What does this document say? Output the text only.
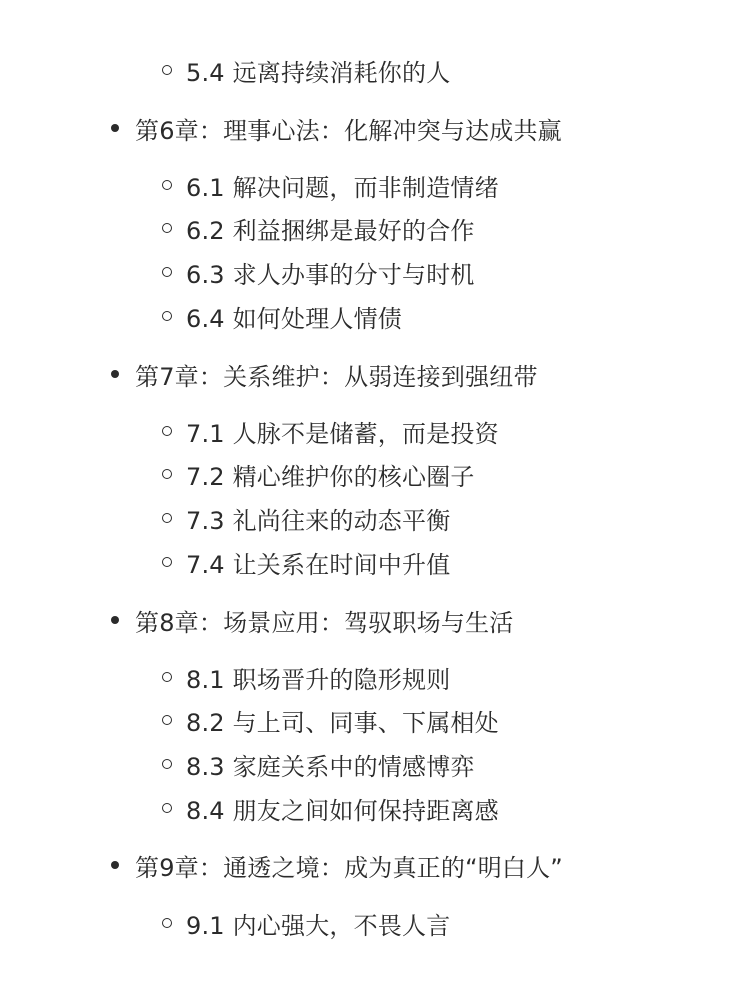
5.4 远离持续消耗你的人
第6章：理事心法：化解冲突与达成共赢
6.1 解决问题，而非制造情绪
6.2 利益捆绑是最好的合作
6.3 求人办事的分寸与时机
6.4 如何处理人情债
第7章：关系维护：从弱连接到强纽带
7.1 人脉不是储蓄，而是投资
7.2 精心维护你的核心圈子
7.3 礼尚往来的动态平衡
7.4 让关系在时间中升值
第8章：场景应用：驾驭职场与生活
8.1 职场晋升的隐形规则
8.2 与上司、同事、下属相处
8.3 家庭关系中的情感博弈
8.4 朋友之间如何保持距离感
第9章：通透之境：成为真正的“明白人”
9.1 内心强大，不畏人言
